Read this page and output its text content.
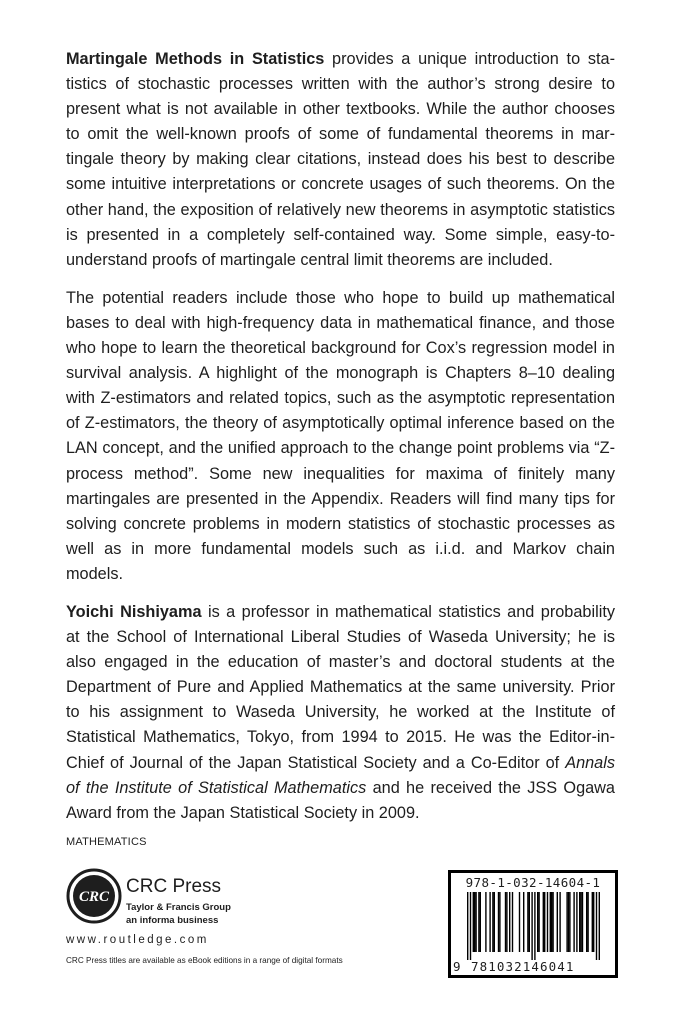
Martingale Methods in Statistics provides a unique introduction to statistics of stochastic processes written with the author’s strong desire to present what is not available in other textbooks. While the author chooses to omit the well-known proofs of some of fundamental theorems in martingale theory by making clear citations, instead does his best to describe some intuitive interpretations or concrete usages of such theorems. On the other hand, the exposition of relatively new theorems in asymptotic statistics is presented in a completely self-contained way. Some simple, easy-to-understand proofs of martingale central limit theorems are included.

The potential readers include those who hope to build up mathematical bases to deal with high-frequency data in mathematical finance, and those who hope to learn the theoretical background for Cox’s regression model in survival analysis. A highlight of the monograph is Chapters 8–10 dealing with Z-estimators and related topics, such as the asymptotic representation of Z-estimators, the theory of asymptotically optimal inference based on the LAN concept, and the unified approach to the change point problems via “Z-process method”. Some new inequalities for maxima of finitely many martingales are presented in the Appendix. Readers will find many tips for solving concrete problems in modern statistics of stochastic processes as well as in more fundamental models such as i.i.d. and Markov chain models.

Yoichi Nishiyama is a professor in mathematical statistics and probability at the School of International Liberal Studies of Waseda University; he is also engaged in the education of master’s and doctoral students at the Department of Pure and Applied Mathematics at the same university. Prior to his assignment to Waseda University, he worked at the Institute of Statistical Mathematics, Tokyo, from 1994 to 2015. He was the Editor-in-Chief of Journal of the Japan Statistical Society and a Co-Editor of Annals of the Institute of Statistical Mathematics and he received the JSS Ogawa Award from the Japan Statistical Society in 2009.

MATHEMATICS
CRC CRC Press
Taylor & Francis Group
an informa business
www.routledge.com
CRC Press titles are available as eBook editions in a range of digital formats
978-1-032-14604-1
9 781032146041
